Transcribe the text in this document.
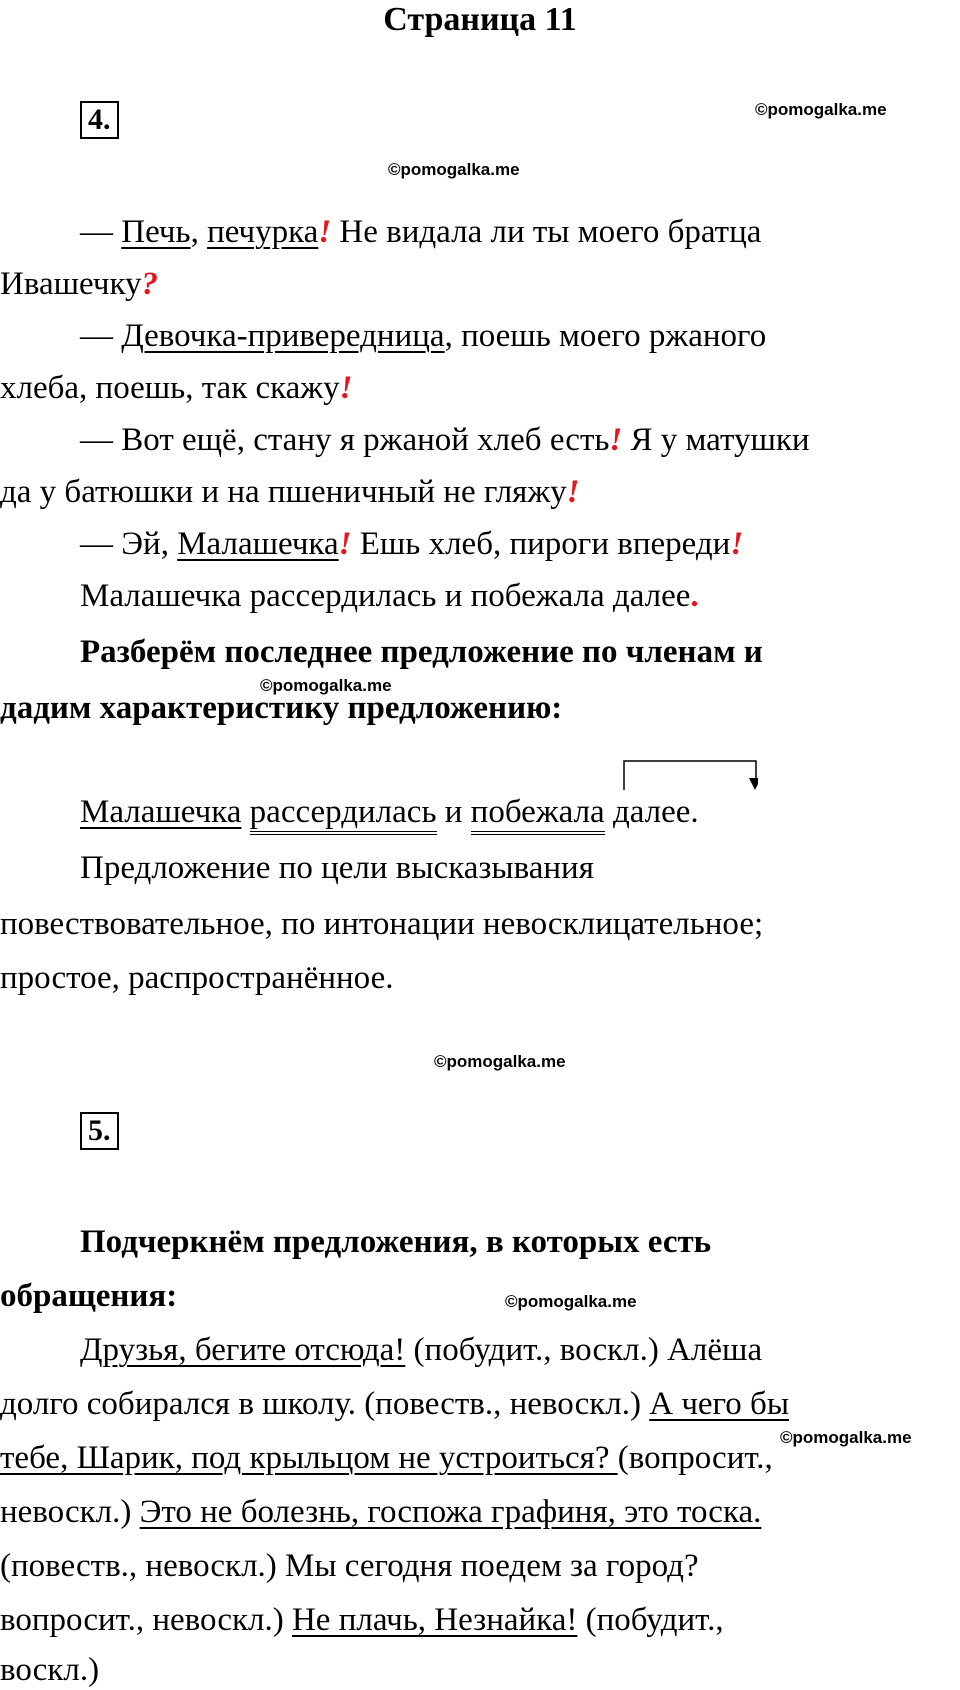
Страница 11
4.	©pomogalka.me
©pomogalka.me
— Печь, печурка! Не видала ли ты моего братца
Ивашечку?
— Девочка-привередница, поешь моего ржаного
хлеба, поешь, так скажу!
— Вот ещё, стану я ржаной хлеб есть! Я у матушки
да у батюшки и на пшеничный не гляжу!
— Эй, Малашечка! Ешь хлеб, пироги впереди!
Малашечка рассердилась и побежала далее.
Разберём последнее предложение по членам и
©pomogalka.me
дадим характеристику предложению:
Малашечка рассердилась и побежала далее.
Предложение по цели высказывания
повествовательное, по интонации невосклицательное;
простое, распространённое.
©pomogalka.me
5.
Подчеркнём предложения, в которых есть
обращения:	©pomogalka.me
Друзья, бегите отсюда! (побудит., воскл.) Алёша
долго собирался в школу. (повеств., невоскл.) А чего бы
©pomogalka.me
тебе, Шарик, под крыльцом не устроиться? (вопросит.,
невоскл.) Это не болезнь, госпожа графиня, это тоска.
(повеств., невоскл.) Мы сегодня поедем за город?
вопросит., невоскл.) Не плачь, Незнайка! (побудит.,
воскл.)
